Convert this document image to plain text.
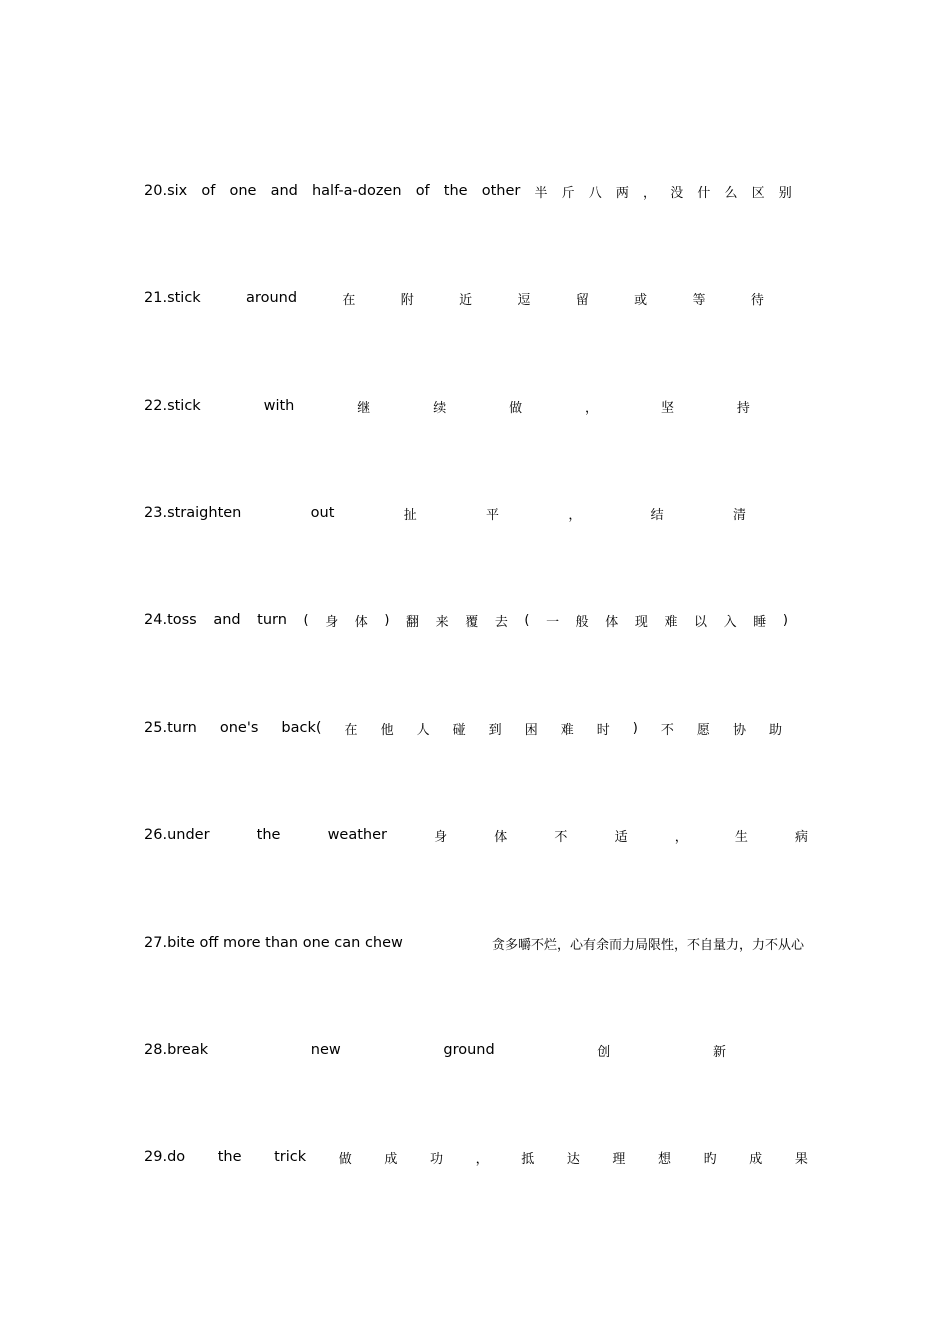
20.six of one and half-a-dozen of the other 半 斤 八 两 ， 没 什 么 区 别
21.stick	around	在	附	近	逗	留	或	等	待
22.stick	with	继	续	做	，	坚	持
23.straighten	out	扯	平	，	结	清
24.toss and turn ( 身 体 ) 翻 来 覆 去 ( 一 般 体 现 难 以 入 睡 )
25.turn one's back( 在 他 人 碰 到 困 难 时 ) 不 愿 协 助
26.under	the	weather	身	体	不	适	，	生	病
27.bite off more than one can chew	贪多嚼不烂，心有余而力局限性，不自量力，力不从心
28.break	new	ground	创	新
29.do the trick	做	成	功	，	抵	达	理	想	旳	成	果
